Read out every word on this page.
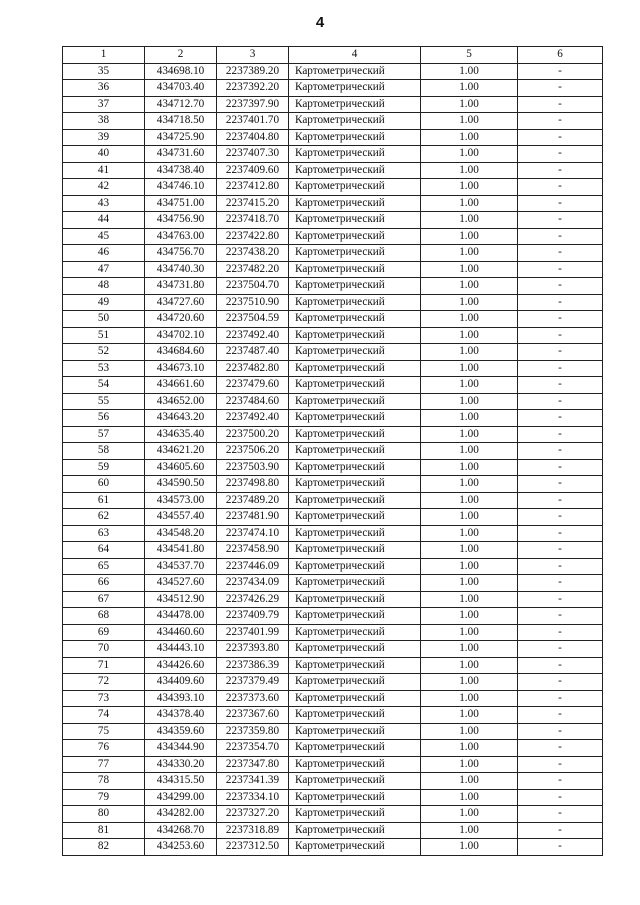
4
1	2	3	4	5	6
35	434698.10	2237389.20	Картометрический	1.00	-
36	434703.40	2237392.20	Картометрический	1.00	-
37	434712.70	2237397.90	Картометрический	1.00	-
38	434718.50	2237401.70	Картометрический	1.00	-
39	434725.90	2237404.80	Картометрический	1.00	-
40	434731.60	2237407.30	Картометрический	1.00	-
41	434738.40	2237409.60	Картометрический	1.00	-
42	434746.10	2237412.80	Картометрический	1.00	-
43	434751.00	2237415.20	Картометрический	1.00	-
44	434756.90	2237418.70	Картометрический	1.00	-
45	434763.00	2237422.80	Картометрический	1.00	-
46	434756.70	2237438.20	Картометрический	1.00	-
47	434740.30	2237482.20	Картометрический	1.00	-
48	434731.80	2237504.70	Картометрический	1.00	-
49	434727.60	2237510.90	Картометрический	1.00	-
50	434720.60	2237504.59	Картометрический	1.00	-
51	434702.10	2237492.40	Картометрический	1.00	-
52	434684.60	2237487.40	Картометрический	1.00	-
53	434673.10	2237482.80	Картометрический	1.00	-
54	434661.60	2237479.60	Картометрический	1.00	-
55	434652.00	2237484.60	Картометрический	1.00	-
56	434643.20	2237492.40	Картометрический	1.00	-
57	434635.40	2237500.20	Картометрический	1.00	-
58	434621.20	2237506.20	Картометрический	1.00	-
59	434605.60	2237503.90	Картометрический	1.00	-
60	434590.50	2237498.80	Картометрический	1.00	-
61	434573.00	2237489.20	Картометрический	1.00	-
62	434557.40	2237481.90	Картометрический	1.00	-
63	434548.20	2237474.10	Картометрический	1.00	-
64	434541.80	2237458.90	Картометрический	1.00	-
65	434537.70	2237446.09	Картометрический	1.00	-
66	434527.60	2237434.09	Картометрический	1.00	-
67	434512.90	2237426.29	Картометрический	1.00	-
68	434478.00	2237409.79	Картометрический	1.00	-
69	434460.60	2237401.99	Картометрический	1.00	-
70	434443.10	2237393.80	Картометрический	1.00	-
71	434426.60	2237386.39	Картометрический	1.00	-
72	434409.60	2237379.49	Картометрический	1.00	-
73	434393.10	2237373.60	Картометрический	1.00	-
74	434378.40	2237367.60	Картометрический	1.00	-
75	434359.60	2237359.80	Картометрический	1.00	-
76	434344.90	2237354.70	Картометрический	1.00	-
77	434330.20	2237347.80	Картометрический	1.00	-
78	434315.50	2237341.39	Картометрический	1.00	-
79	434299.00	2237334.10	Картометрический	1.00	-
80	434282.00	2237327.20	Картометрический	1.00	-
81	434268.70	2237318.89	Картометрический	1.00	-
82	434253.60	2237312.50	Картометрический	1.00	-
